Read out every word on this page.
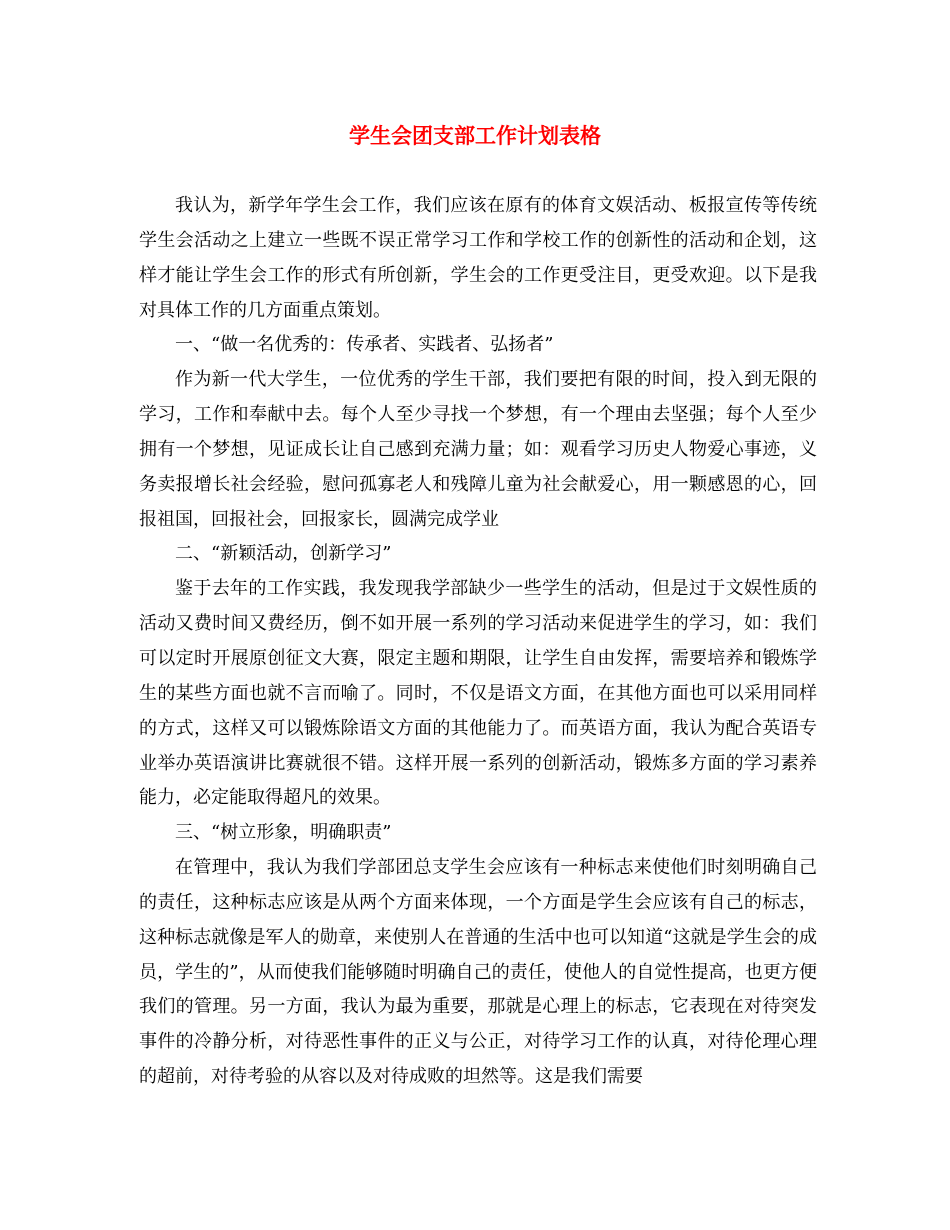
学生会团支部工作计划表格

我认为，新学年学生会工作，我们应该在原有的体育文娱活动、板报宣传等传统学生会活动之上建立一些既不误正常学习工作和学校工作的创新性的活动和企划，这样才能让学生会工作的形式有所创新，学生会的工作更受注目，更受欢迎。以下是我对具体工作的几方面重点策划。

一、“做一名优秀的：传承者、实践者、弘扬者”

作为新一代大学生，一位优秀的学生干部，我们要把有限的时间，投入到无限的学习，工作和奉献中去。每个人至少寻找一个梦想，有一个理由去坚强；每个人至少拥有一个梦想，见证成长让自己感到充满力量；如：观看学习历史人物爱心事迹，义务卖报增长社会经验，慰问孤寡老人和残障儿童为社会献爱心，用一颗感恩的心，回报祖国，回报社会，回报家长，圆满完成学业

二、“新颖活动，创新学习”

鉴于去年的工作实践，我发现我学部缺少一些学生的活动，但是过于文娱性质的活动又费时间又费经历，倒不如开展一系列的学习活动来促进学生的学习，如：我们可以定时开展原创征文大赛，限定主题和期限，让学生自由发挥，需要培养和锻炼学生的某些方面也就不言而喻了。同时，不仅是语文方面，在其他方面也可以采用同样的方式，这样又可以锻炼除语文方面的其他能力了。而英语方面，我认为配合英语专业举办英语演讲比赛就很不错。这样开展一系列的创新活动，锻炼多方面的学习素养能力，必定能取得超凡的效果。

三、“树立形象，明确职责”

在管理中，我认为我们学部团总支学生会应该有一种标志来使他们时刻明确自己的责任，这种标志应该是从两个方面来体现，一个方面是学生会应该有自己的标志，这种标志就像是军人的勋章，来使别人在普通的生活中也可以知道“这就是学生会的成员，学生的”，从而使我们能够随时明确自己的责任，使他人的自觉性提高，也更方便我们的管理。另一方面，我认为最为重要，那就是心理上的标志，它表现在对待突发事件的冷静分析，对待恶性事件的正义与公正，对待学习工作的认真，对待伦理心理的超前，对待考验的从容以及对待成败的坦然等。这是我们需要
